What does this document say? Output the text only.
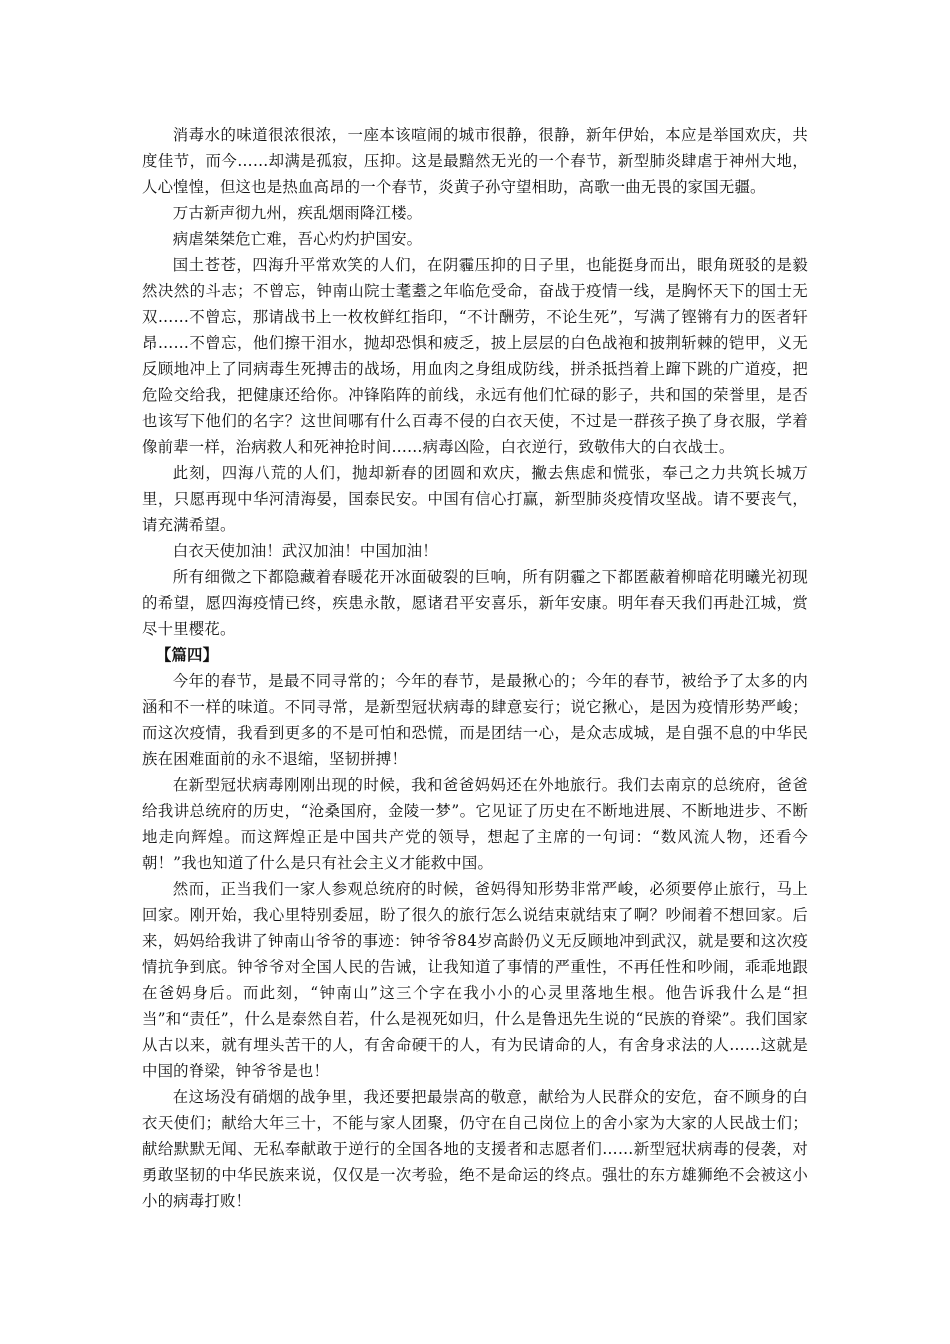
消毒水的味道很浓很浓，一座本该喧闹的城市很静，很静，新年伊始，本应是举国欢庆，共度佳节，而今……却满是孤寂，压抑。这是最黯然无光的一个春节，新型肺炎肆虐于神州大地，人心惶惶，但这也是热血高昂的一个春节，炎黄子孙守望相助，高歌一曲无畏的家国无疆。

万古新声彻九州，疾乱烟雨降江楼。

病虐桀桀危亡难，吾心灼灼护国安。

国土苍苍，四海升平常欢笑的人们，在阴霾压抑的日子里，也能挺身而出，眼角斑驳的是毅然决然的斗志；不曾忘，钟南山院士耄耋之年临危受命，奋战于疫情一线，是胸怀天下的国士无双……不曾忘，那请战书上一枚枚鲜红指印，“不计酬劳，不论生死”，写满了铿锵有力的医者轩昂……不曾忘，他们擦干泪水，抛却恐惧和疲乏，披上层层的白色战袍和披荆斩棘的铠甲，义无反顾地冲上了同病毒生死搏击的战场，用血肉之身组成防线，拼杀抵挡着上蹿下跳的广道疫，把危险交给我，把健康还给你。冲锋陷阵的前线，永远有他们忙碌的影子，共和国的荣誉里，是否也该写下他们的名字？这世间哪有什么百毒不侵的白衣天使，不过是一群孩子换了身衣服，学着像前辈一样，治病救人和死神抢时间……病毒凶险，白衣逆行，致敬伟大的白衣战士。

此刻，四海八荒的人们，抛却新春的团圆和欢庆，撇去焦虑和慌张，奉己之力共筑长城万里，只愿再现中华河清海晏，国泰民安。中国有信心打赢，新型肺炎疫情攻坚战。请不要丧气，请充满希望。

白衣天使加油！武汉加油！中国加油！

所有细微之下都隐藏着春暖花开冰面破裂的巨响，所有阴霾之下都匿蔽着柳暗花明曦光初现的希望，愿四海疫情已终，疾患永散，愿诸君平安喜乐，新年安康。明年春天我们再赴江城，赏尽十里樱花。

【篇四】

今年的春节，是最不同寻常的；今年的春节，是最揪心的；今年的春节，被给予了太多的内涵和不一样的味道。不同寻常，是新型冠状病毒的肆意妄行；说它揪心，是因为疫情形势严峻；而这次疫情，我看到更多的不是可怕和恐慌，而是团结一心，是众志成城，是自强不息的中华民族在困难面前的永不退缩，坚韧拼搏！

在新型冠状病毒刚刚出现的时候，我和爸爸妈妈还在外地旅行。我们去南京的总统府，爸爸给我讲总统府的历史，“沧桑国府，金陵一梦”。它见证了历史在不断地进展、不断地进步、不断地走向辉煌。而这辉煌正是中国共产党的领导，想起了主席的一句词：“数风流人物，还看今朝！”我也知道了什么是只有社会主义才能救中国。

然而，正当我们一家人参观总统府的时候，爸妈得知形势非常严峻，必须要停止旅行，马上回家。刚开始，我心里特别委屈，盼了很久的旅行怎么说结束就结束了啊？吵闹着不想回家。后来，妈妈给我讲了钟南山爷爷的事迹：钟爷爷84岁高龄仍义无反顾地冲到武汉，就是要和这次疫情抗争到底。钟爷爷对全国人民的告诫，让我知道了事情的严重性，不再任性和吵闹，乖乖地跟在爸妈身后。而此刻，“钟南山”这三个字在我小小的心灵里落地生根。他告诉我什么是“担当”和“责任”，什么是泰然自若，什么是视死如归，什么是鲁迅先生说的“民族的脊梁”。我们国家从古以来，就有埋头苦干的人，有舍命硬干的人，有为民请命的人，有舍身求法的人……这就是中国的脊梁，钟爷爷是也！

在这场没有硝烟的战争里，我还要把最崇高的敬意，献给为人民群众的安危，奋不顾身的白衣天使们；献给大年三十，不能与家人团聚，仍守在自己岗位上的舍小家为大家的人民战士们；献给默默无闻、无私奉献敢于逆行的全国各地的支援者和志愿者们……新型冠状病毒的侵袭，对勇敢坚韧的中华民族来说，仅仅是一次考验，绝不是命运的终点。强壮的东方雄狮绝不会被这小小的病毒打败！
